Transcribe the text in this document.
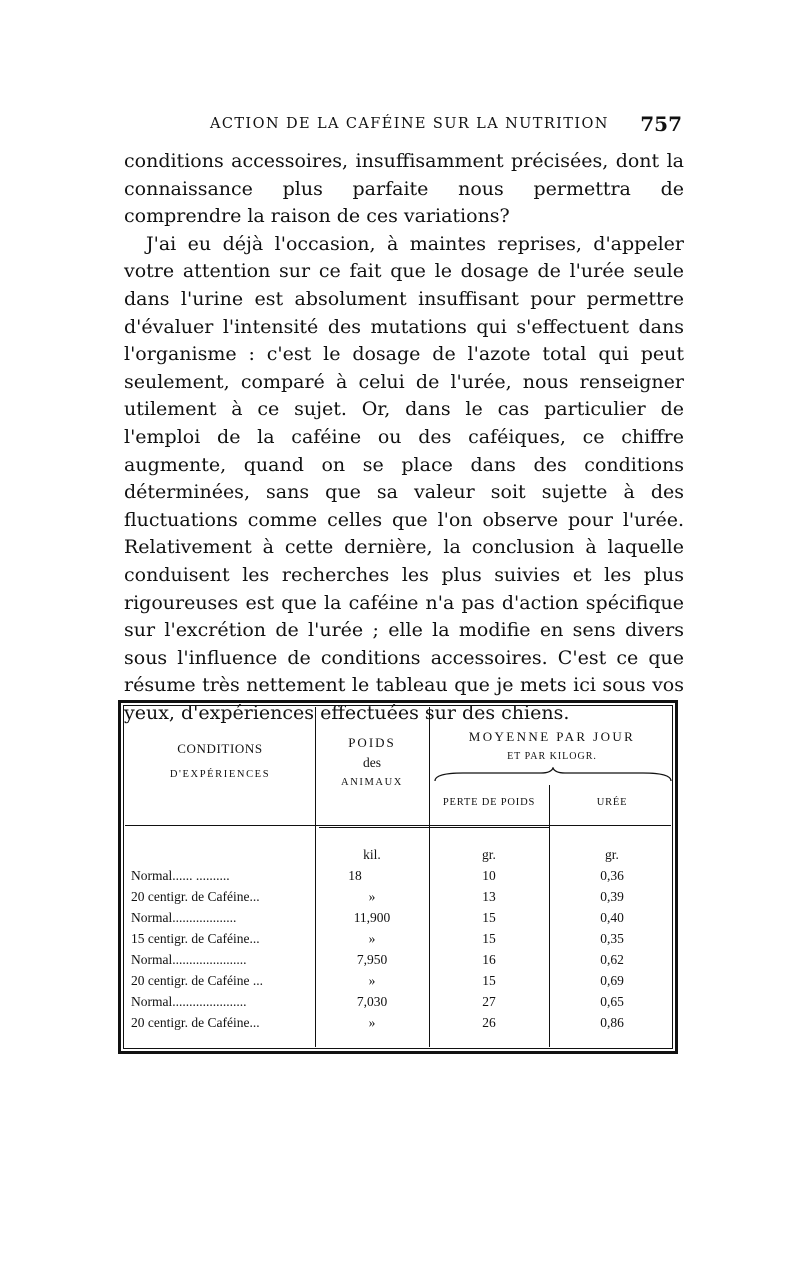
ACTION DE LA CAFÉINE SUR LA NUTRITION 757

conditions accessoires, insuffisamment précisées, dont la connaissance plus parfaite nous permettra de comprendre la raison de ces variations?

J'ai eu déjà l'occasion, à maintes reprises, d'appeler votre attention sur ce fait que le dosage de l'urée seule dans l'urine est absolument insuffisant pour permettre d'évaluer l'intensité des mutations qui s'effectuent dans l'organisme : c'est le dosage de l'azote total qui peut seulement, comparé à celui de l'urée, nous renseigner utilement à ce sujet. Or, dans le cas particulier de l'emploi de la caféine ou des caféiques, ce chiffre augmente, quand on se place dans des conditions déterminées, sans que sa valeur soit sujette à des fluctuations comme celles que l'on observe pour l'urée. Relativement à cette dernière, la conclusion à laquelle conduisent les recherches les plus suivies et les plus rigoureuses est que la caféine n'a pas d'action spécifique sur l'excrétion de l'urée ; elle la modifie en sens divers sous l'influence de conditions accessoires. C'est ce que résume très nettement le tableau que je mets ici sous vos yeux, d'expériences effectuées sur des chiens.

CONDITIONS
D'EXPÉRIENCES
POIDS
des
ANIMAUX
MOYENNE PAR JOUR
ET PAR KILOGR.
PERTE DE POIDS	URÉE
kil.	gr.	gr.
Normal...... ..........	18	10	0,36
20 centigr. de Caféine...	»	13	0,39
Normal...................	11,900	15	0,40
15 centigr. de Caféine...	»	15	0,35
Normal......................	7,950	16	0,62
20 centigr. de Caféine ...	»	15	0,69
Normal......................	7,030	27	0,65
20 centigr. de Caféine...	»	26	0,86
